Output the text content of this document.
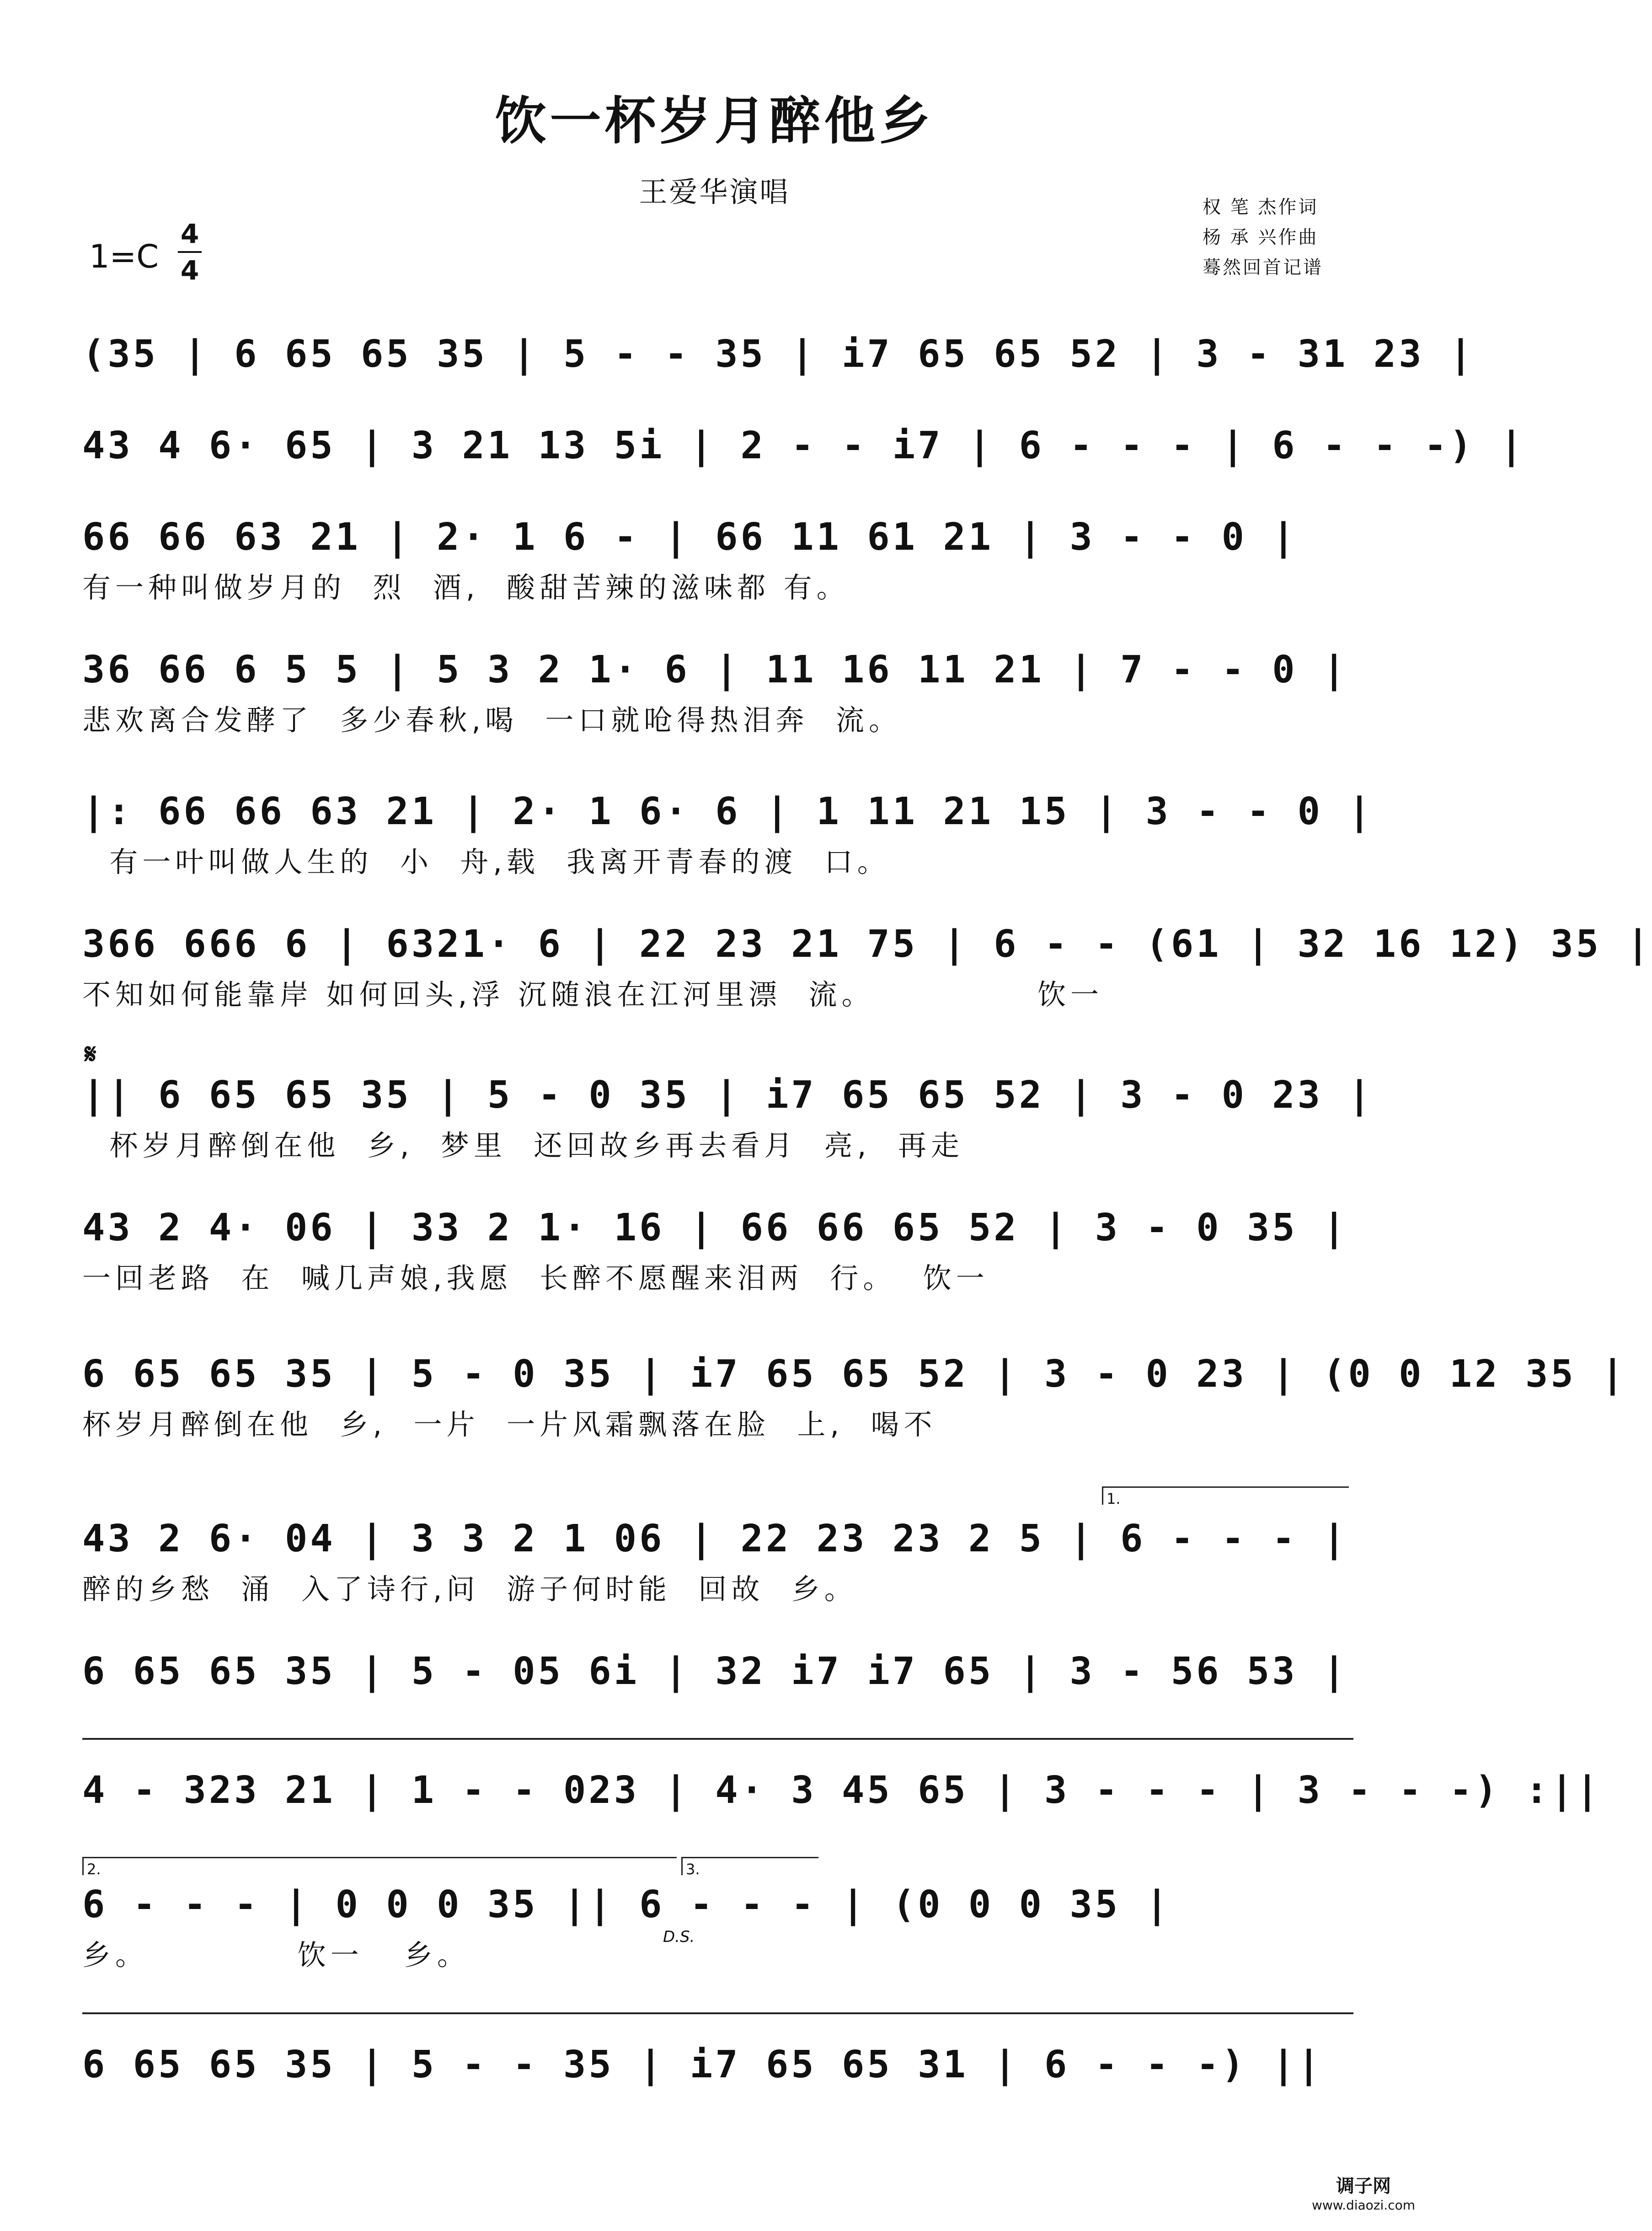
饮一杯岁月醉他乡
王爱华演唱	权 笔 杰作词
杨 承 兴作曲
蓦然回首记谱
1=C
4
4
(35 | 6 65 65 35 | 5 - - 35 | i7 65 65 52 | 3 - 31 23 |
43 4 6· 65 | 3 21 13 5i | 2 - - i7 | 6 - - - | 6 - - -) |
66 66 63 21 | 2· 1 6 - | 66 11 61 21 | 3 - - 0 |
有一种叫做岁月的  烈  酒,  酸甜苦辣的滋味都 有。
36 66 6 5 5 | 5 3 2 1· 6 | 11 16 11 21 | 7 - - 0 |
悲欢离合发酵了  多少春秋,喝  一口就呛得热泪奔  流。
|: 66 66 63 21 | 2· 1 6· 6 | 1 11 21 15 | 3 - - 0 |
有一叶叫做人生的  小  舟,载  我离开青春的渡  口。
366 666 6 | 6321· 6 | 22 23 21 75 | 6 - - (61 | 32 16 12) 35 |
不知如何能靠岸 如何回头,浮 沉随浪在江河里漂  流。            饮一
𝄋
|| 6 65 65 35 | 5 - 0 35 | i7 65 65 52 | 3 - 0 23 |
杯岁月醉倒在他  乡,  梦里  还回故乡再去看月  亮,  再走
43 2 4· 06 | 33 2 1· 16 | 66 66 65 52 | 3 - 0 35 |
一回老路  在  喊几声娘,我愿  长醉不愿醒来泪两  行。  饮一
6 65 65 35 | 5 - 0 35 | i7 65 65 52 | 3 - 0 23 | (0 0 12 35 |
杯岁月醉倒在他  乡,  一片  一片风霜飘落在脸  上,  喝不
1.
43 2 6· 04 | 3 3 2 1 06 | 22 23 23 2 5 | 6 - - - |
醉的乡愁  涌  入了诗行,问  游子何时能  回故  乡。
6 65 65 35 | 5 - 05 6i | 32 i7 i7 65 | 3 - 56 53 |
4 - 323 21 | 1 - - 023 | 4· 3 45 65 | 3 - - - | 3 - - -) :||
2.	3.
6 - - - | 0 0 0 35 || 6 - - - | (0 0 0 35 |
乡。           饮一   乡。
D.S.
6 65 65 35 | 5 - - 35 | i7 65 65 31 | 6 - - -) ||
调子网
www.diaozi.com
